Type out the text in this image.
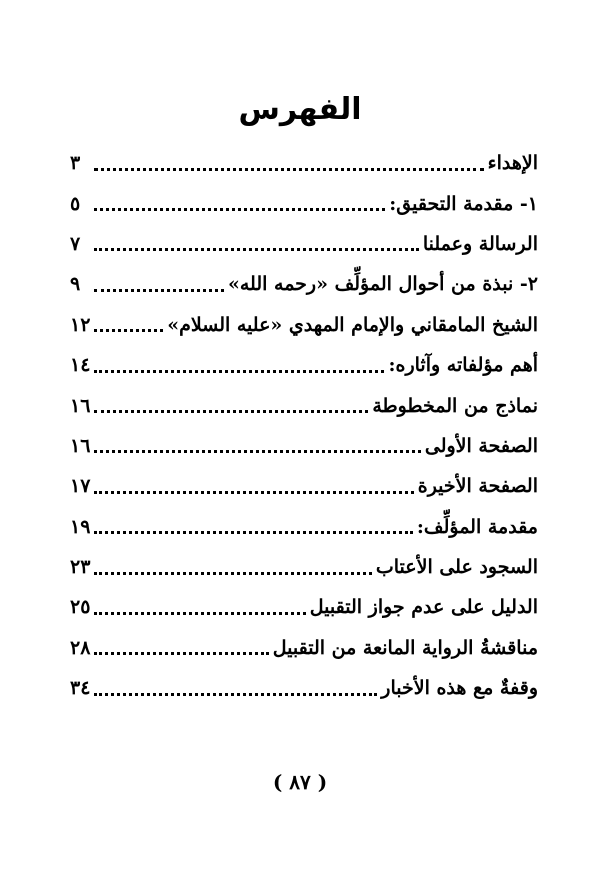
الفهرس
الإهداء
٣
١- مقدمة التحقيق:
٥
الرسالة وعملنا
٧
٢- نبذة من أحوال المؤلِّف «رحمه الله»
٩
الشيخ المامقاني والإمام المهدي «عليه السلام»
١٢
أهم مؤلفاته وآثاره:
١٤
نماذج من المخطوطة
١٦
الصفحة الأولى
١٦
الصفحة الأخيرة
١٧
مقدمة المؤلِّف:
١٩
السجود على الأعتاب
٢٣
الدليل على عدم جواز التقبيل
٢٥
مناقشةُ الرواية المانعة من التقبيل
٢٨
وقفةٌ مع هذه الأخبار
٣٤
( ٨٧ )
